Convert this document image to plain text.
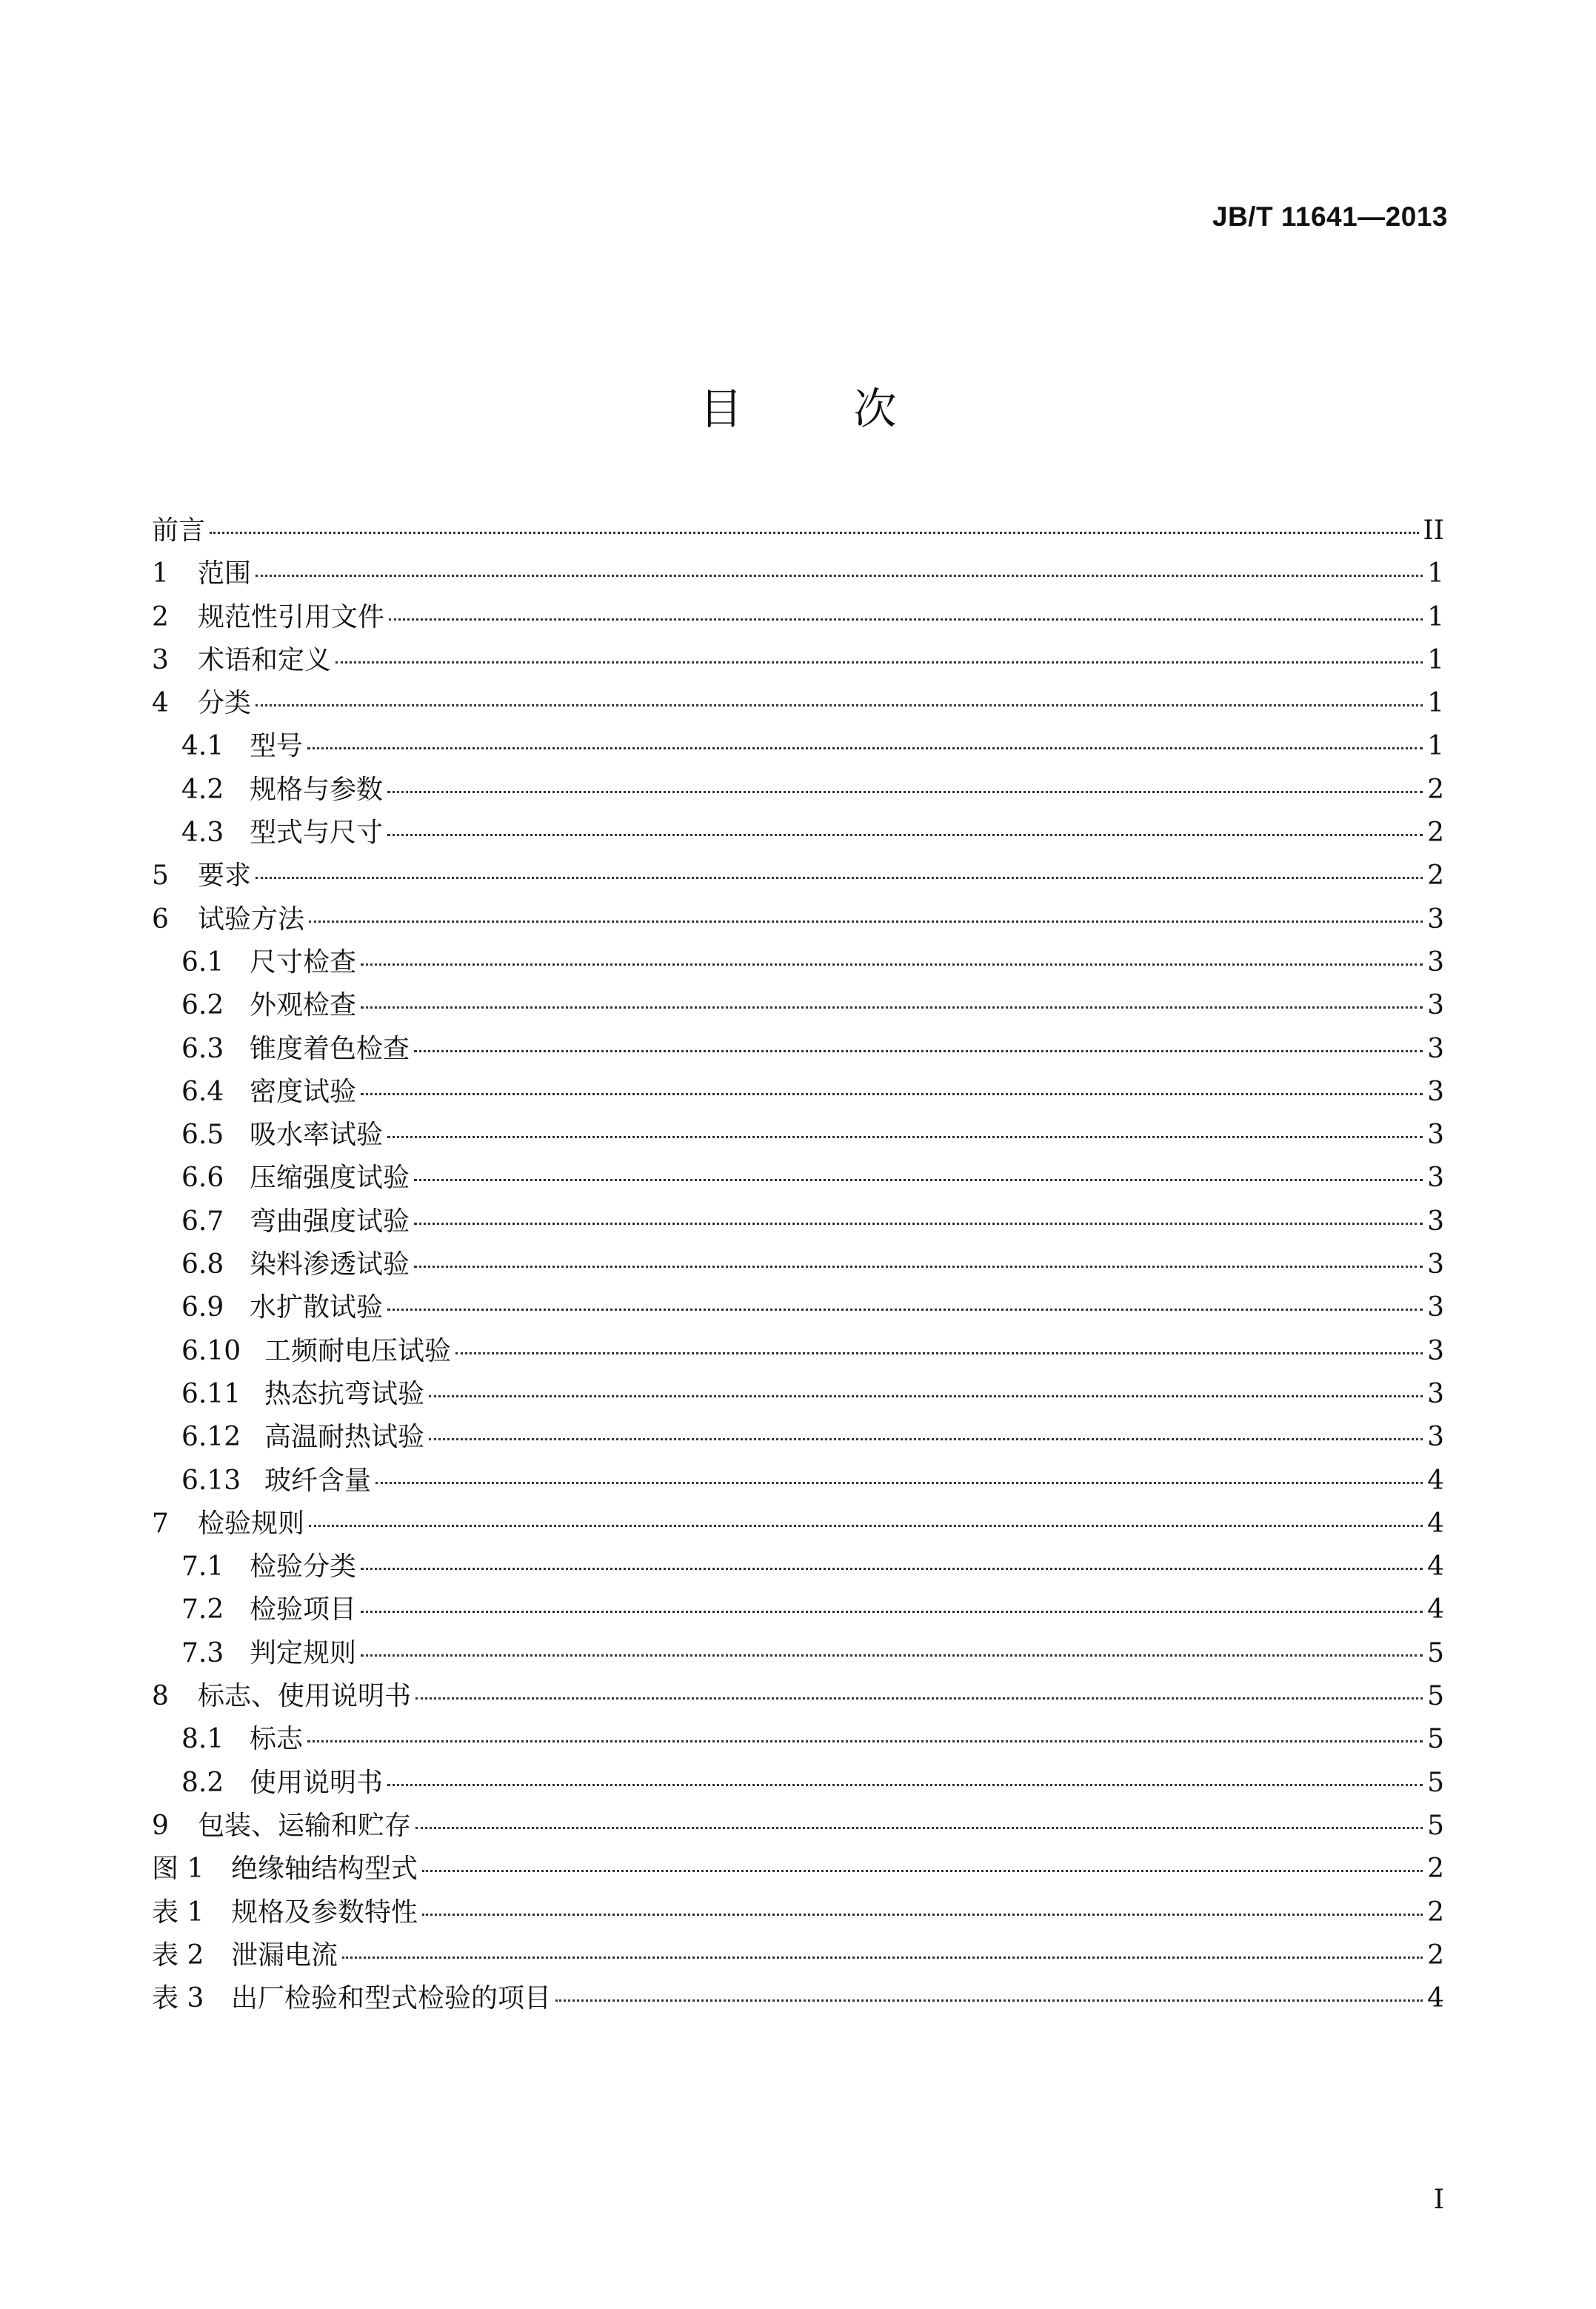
JB/T 11641—2013
目	次
前言	II
1	范围	1
2	规范性引用文件	1
3	术语和定义	1
4	分类	1
4.1 型号	1
4.2 规格与参数	2
4.3 型式与尺寸	2
5	要求	2
6	试验方法	3
6.1 尺寸检查	3
6.2 外观检查	3
6.3 锥度着色检查	3
6.4 密度试验	3
6.5 吸水率试验	3
6.6 压缩强度试验	3
6.7 弯曲强度试验	3
6.8 染料渗透试验	3
6.9 水扩散试验	3
6.10 工频耐电压试验	3
6.11 热态抗弯试验	3
6.12 高温耐热试验	3
6.13 玻纤含量	4
7	检验规则	4
7.1 检验分类	4
7.2 检验项目	4
7.3 判定规则	5
8	标志、使用说明书	5
8.1 标志	5
8.2 使用说明书	5
9	包装、运输和贮存	5
图 1	绝缘轴结构型式	2
表 1	规格及参数特性	2
表 2	泄漏电流	2
表 3	出厂检验和型式检验的项目	4
I
